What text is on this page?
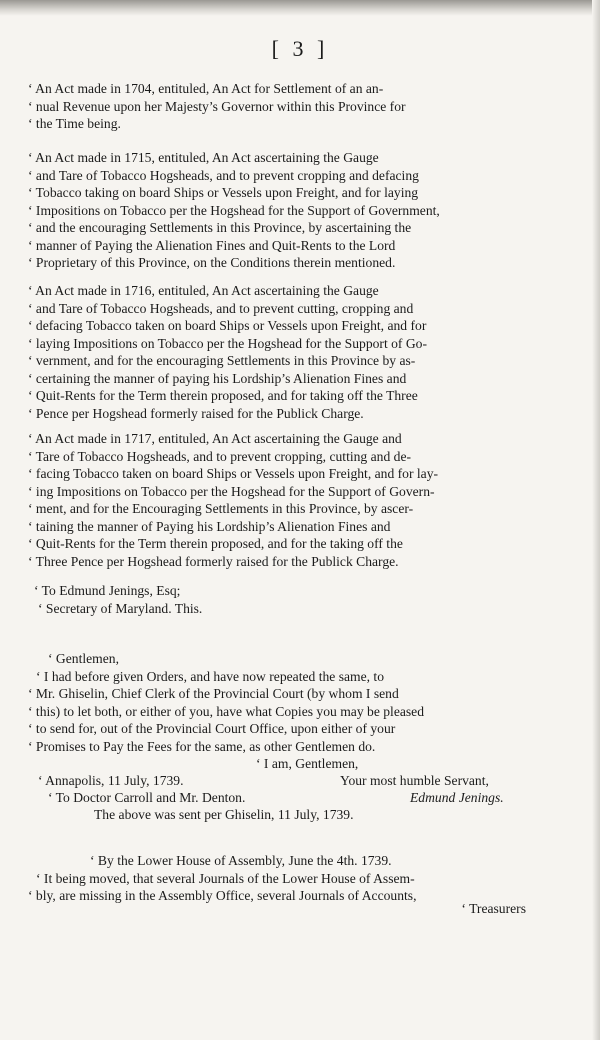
[ 3 ]
‘ An Act made in 1704, entituled, An Act for Settlement of an an-
‘ nual Revenue upon her Majesty’s Governor within this Province for
‘ the Time being.
‘ An Act made in 1715, entituled, An Act ascertaining the Gauge
‘ and Tare of Tobacco Hogsheads, and to prevent cropping and defacing
‘ Tobacco taking on board Ships or Vessels upon Freight, and for laying
‘ Impositions on Tobacco per the Hogshead for the Support of Government,
‘ and the encouraging Settlements in this Province, by ascertaining the
‘ manner of Paying the Alienation Fines and Quit-Rents to the Lord
‘ Proprietary of this Province, on the Conditions therein mentioned.
‘ An Act made in 1716, entituled, An Act ascertaining the Gauge
‘ and Tare of Tobacco Hogsheads, and to prevent cutting, cropping and
‘ defacing Tobacco taken on board Ships or Vessels upon Freight, and for
‘ laying Impositions on Tobacco per the Hogshead for the Support of Go-
‘ vernment, and for the encouraging Settlements in this Province by as-
‘ certaining the manner of paying his Lordship’s Alienation Fines and
‘ Quit-Rents for the Term therein proposed, and for taking off the Three
‘ Pence per Hogshead formerly raised for the Publick Charge.
‘ An Act made in 1717, entituled, An Act ascertaining the Gauge and
‘ Tare of Tobacco Hogsheads, and to prevent cropping, cutting and de-
‘ facing Tobacco taken on board Ships or Vessels upon Freight, and for lay-
‘ ing Impositions on Tobacco per the Hogshead for the Support of Govern-
‘ ment, and for the Encouraging Settlements in this Province, by ascer-
‘ taining the manner of Paying his Lordship’s Alienation Fines and
‘ Quit-Rents for the Term therein proposed, and for the taking off the
‘ Three Pence per Hogshead formerly raised for the Publick Charge.
‘ To Edmund Jenings, Esq;
‘ Secretary of Maryland. This.
‘ Gentlemen,
‘ I had before given Orders, and have now repeated the same, to
‘ Mr. Ghiselin, Chief Clerk of the Provincial Court (by whom I send
‘ this) to let both, or either of you, have what Copies you may be pleased
‘ to send for, out of the Provincial Court Office, upon either of your
‘ Promises to Pay the Fees for the same, as other Gentlemen do.
‘ I am, Gentlemen,
‘ Annapolis, 11 July, 1739.	Your most humble Servant,
‘ To Doctor Carroll and Mr. Denton.	Edmund Jenings.
The above was sent per Ghiselin, 11 July, 1739.
‘ By the Lower House of Assembly, June the 4th. 1739.
‘ It being moved, that several Journals of the Lower House of Assem-
‘ bly, are missing in the Assembly Office, several Journals of Accounts,
‘ Treasurers
